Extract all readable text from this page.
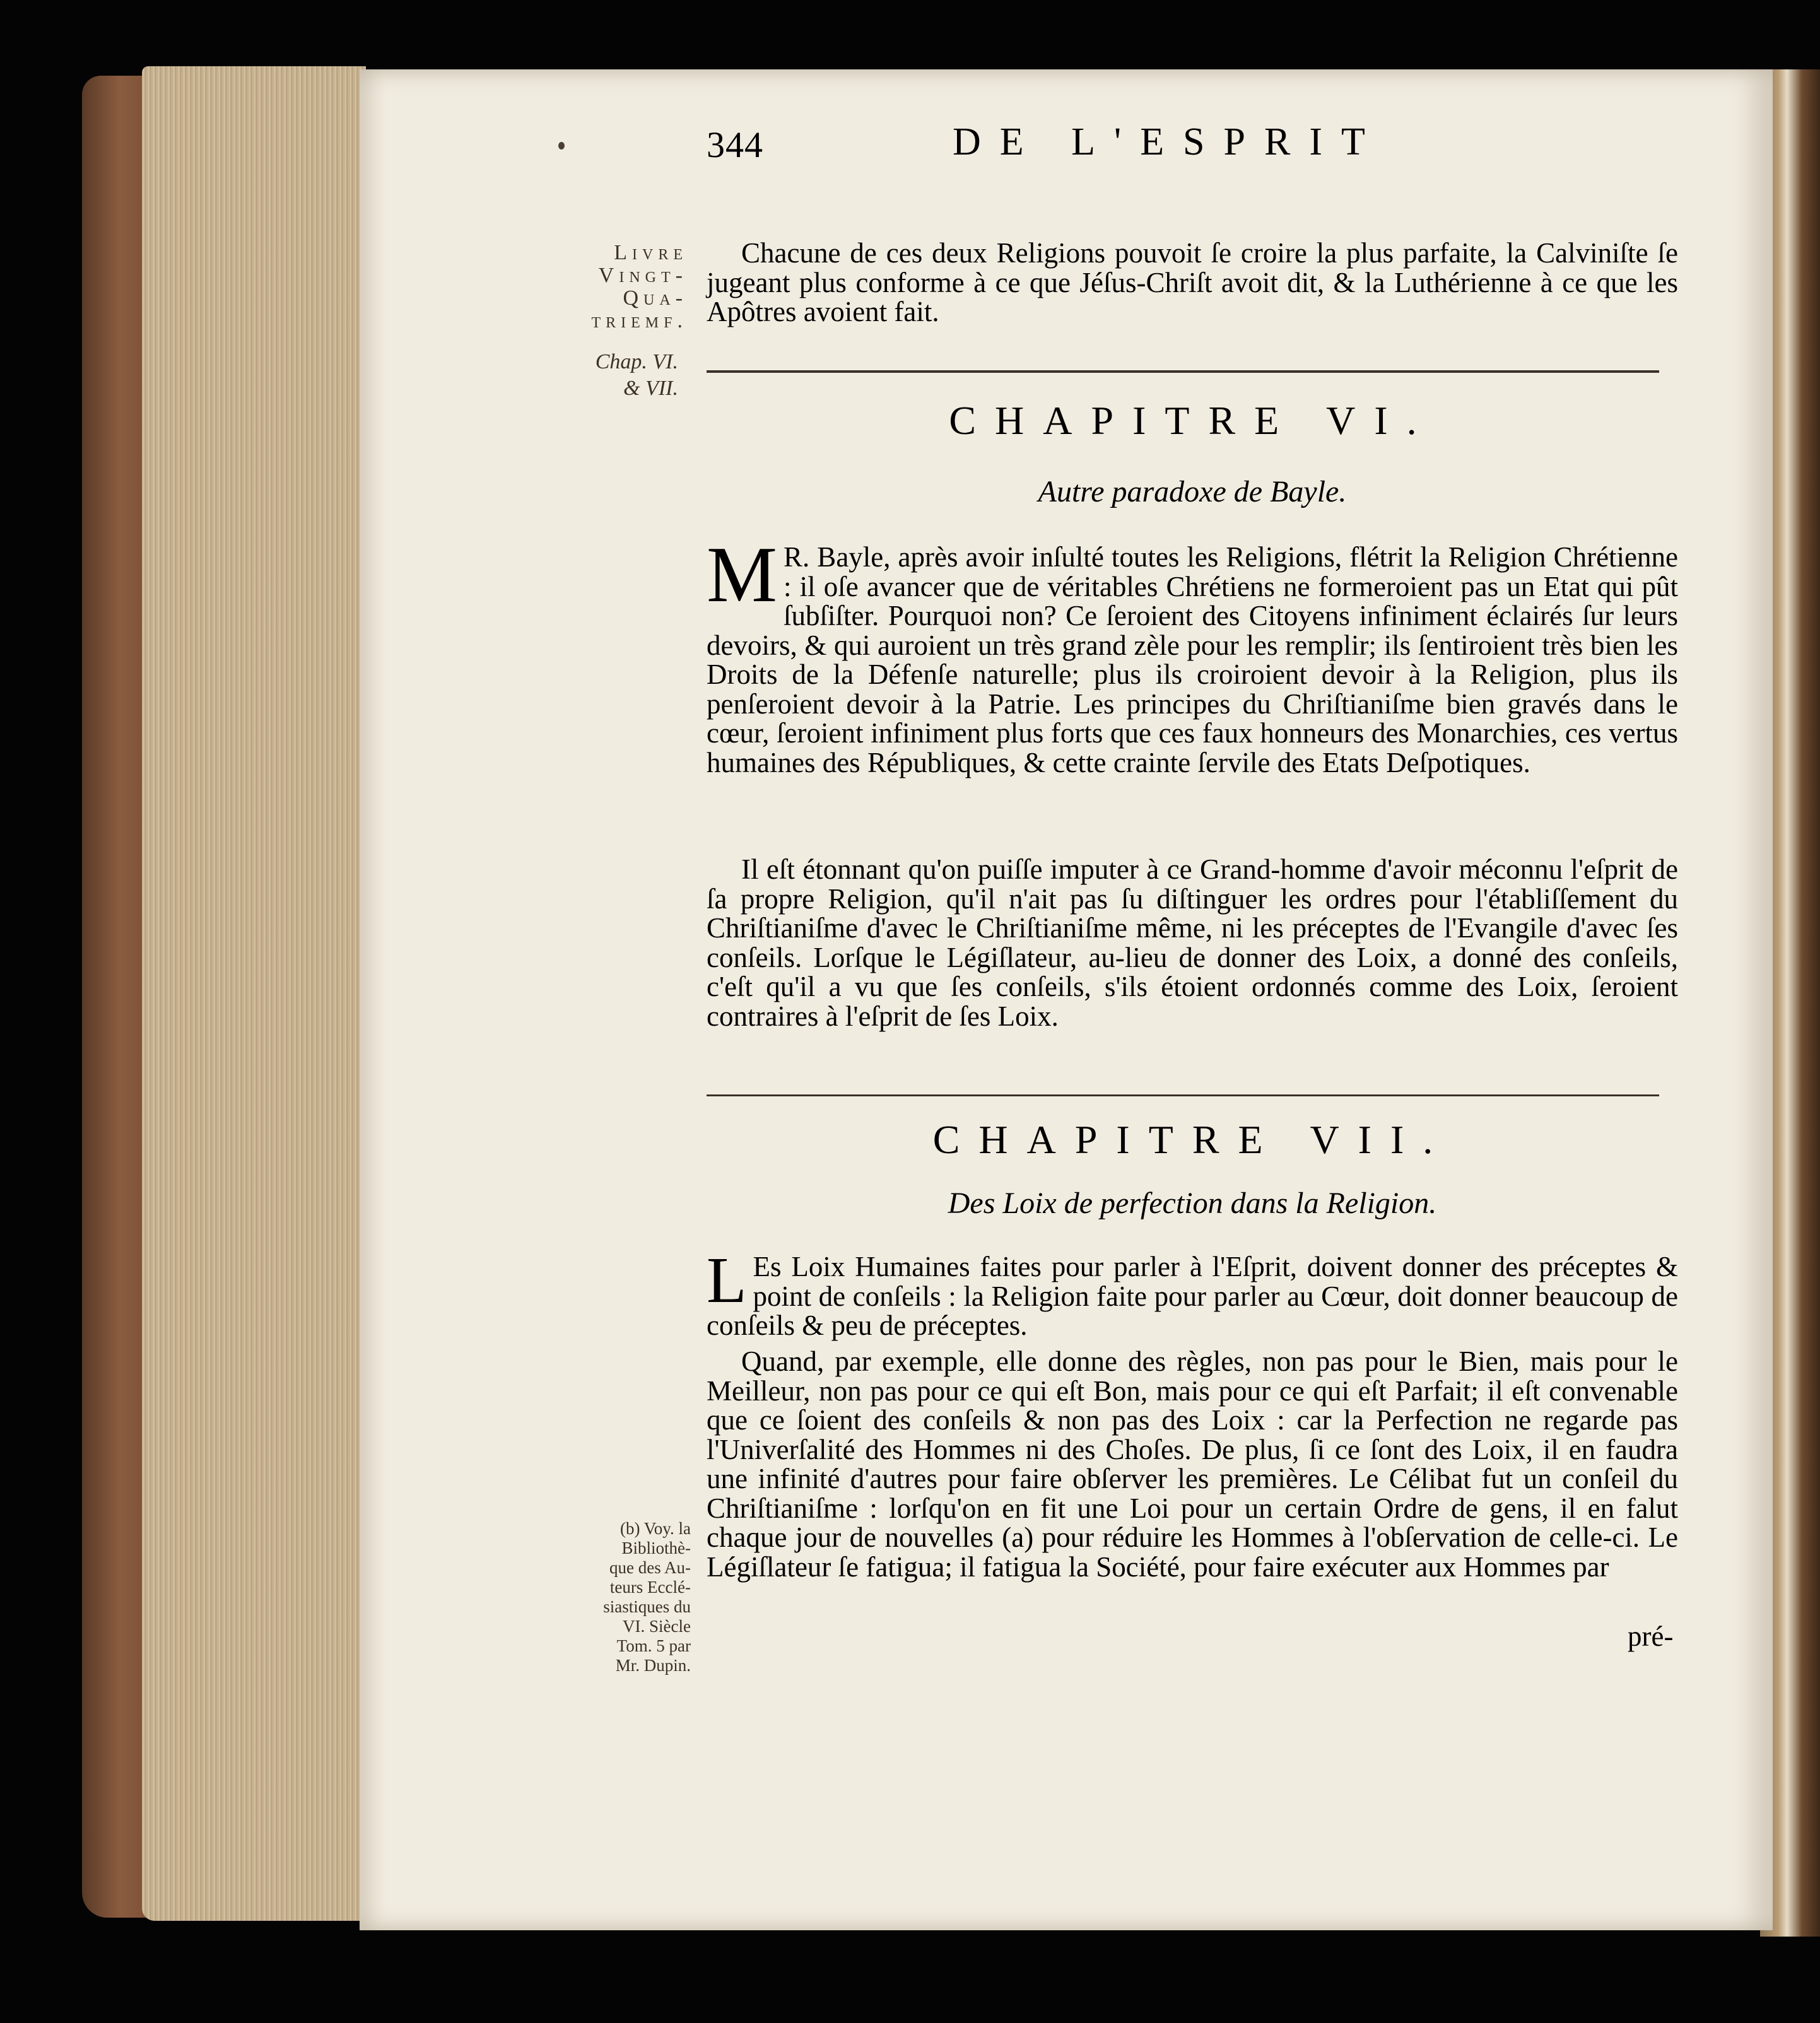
344	DE L'ESPRIT
Livre
Vingt-
Qua-
triemf.
Chap. VI.
& VII.
(b) Voy. la
Bibliothè-
que des Au-
teurs Ecclé-
siastiques du
VI. Siècle
Tom. 5 par
Mr. Dupin.

Chacune de ces deux Religions pouvoit ſe croire la plus parfaite, la Calviniſte ſe jugeant plus conforme à ce que Jéſus-Chriſt avoit dit, & la Luthérienne à ce que les Apôtres avoient fait.

CHAPITRE VI.
Autre paradoxe de Bayle.

M R. Bayle, après avoir inſulté toutes les Religions, flétrit la Religion Chrétienne : il oſe avancer que de véritables Chrétiens ne formeroient pas un Etat qui pût ſubſiſter. Pourquoi non? Ce ſeroient des Citoyens infiniment éclairés ſur leurs devoirs, & qui auroient un très grand zèle pour les remplir; ils ſentiroient très bien les Droits de la Défenſe naturelle; plus ils croiroient devoir à la Religion, plus ils penſeroient devoir à la Patrie. Les principes du Chriſtianiſme bien gravés dans le cœur, ſeroient infiniment plus forts que ces faux honneurs des Monarchies, ces vertus humaines des Républiques, & cette crainte ſervile des Etats Deſpotiques.

Il eſt étonnant qu'on puiſſe imputer à ce Grand-homme d'avoir méconnu l'eſprit de ſa propre Religion, qu'il n'ait pas ſu diſtinguer les ordres pour l'établiſſement du Chriſtianiſme d'avec le Chriſtianiſme même, ni les préceptes de l'Evangile d'avec ſes conſeils. Lorſque le Légiſlateur, au-lieu de donner des Loix, a donné des conſeils, c'eſt qu'il a vu que ſes conſeils, s'ils étoient ordonnés comme des Loix, ſeroient contraires à l'eſprit de ſes Loix.

CHAPITRE VII.
Des Loix de perfection dans la Religion.

L Es Loix Humaines faites pour parler à l'Eſprit, doivent donner des préceptes & point de conſeils : la Religion faite pour parler au Cœur, doit donner beaucoup de conſeils & peu de préceptes.

Quand, par exemple, elle donne des règles, non pas pour le Bien, mais pour le Meilleur, non pas pour ce qui eſt Bon, mais pour ce qui eſt Parfait; il eſt convenable que ce ſoient des conſeils & non pas des Loix : car la Perfection ne regarde pas l'Univerſalité des Hommes ni des Choſes. De plus, ſi ce ſont des Loix, il en faudra une infinité d'autres pour faire obſerver les premières. Le Célibat fut un conſeil du Chriſtianiſme : lorſqu'on en fit une Loi pour un certain Ordre de gens, il en falut chaque jour de nouvelles (a) pour réduire les Hommes à l'obſervation de celle-ci. Le Légiſlateur ſe fatigua; il fatigua la Société, pour faire exécuter aux Hommes par

pré-
